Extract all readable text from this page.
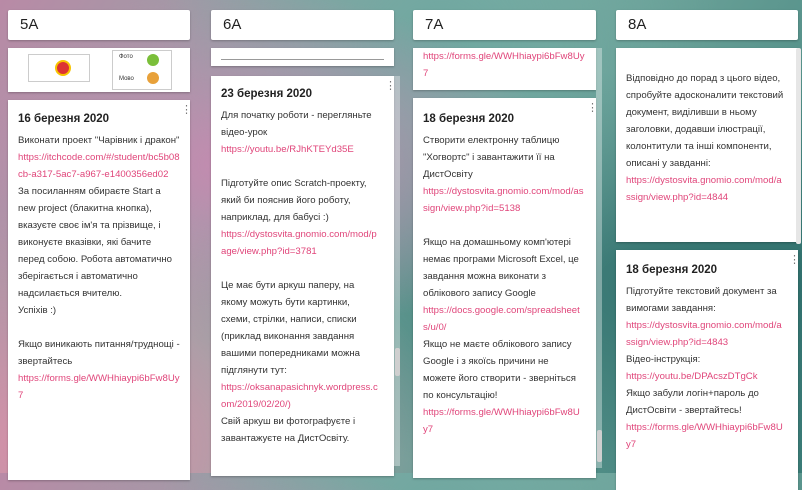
5A	6A	7A	8A
Фото
Мово
⋮
16 березня 2020
Виконати проект "Чарівник і дракон" https://itchcode.com/#/student/bc5b08cb-a317-5ac7-a967-e1400356ed02
За посиланням обираєте Start a new project (блакитна кнопка), вказуєте своє ім'я та прізвище, і виконуєте вказівки, які бачите перед собою. Робота автоматично зберігається і автоматично надсилається вчителю.
Успіхів :)
Якщо виникають питання/труднощі - звертайтесь
https://forms.gle/WWHhiaypi6bFw8Uy7
⋮
23 березня 2020
Для початку роботи - перегляньте відео-урок
https://youtu.be/RJhKTEYd35E
Підготуйте опис Scratch-проекту, який би пояснив його роботу, наприклад, для бабусі :)
https://dystosvita.gnomio.com/mod/page/view.php?id=3781
Це має бути аркуш паперу, на якому можуть бути картинки, схеми, стрілки, написи, списки (приклад виконання завдання вашими попередниками можна підглянути тут:
https://oksanapasichnyk.wordpress.com/2019/02/20/)
Свій аркуш ви фотографуєте і завантажуєте на ДистОсвіту.
https://forms.gle/WWHhiaypi6bFw8Uy7
⋮
18 березня 2020
Створити електронну таблицю "Хогвортс" і завантажити її на ДистОсвіту
https://dystosvita.gnomio.com/mod/assign/view.php?id=5138
Якщо на домашньому комп'ютері немає програми Microsoft Excel, це завдання можна виконати з облікового запису Google
https://docs.google.com/spreadsheets/u/0/
Якщо не маєте облікового запису Google і з якоїсь причини не можете його створити - зверніться по консультацію!
https://forms.gle/WWHhiaypi6bFw8Uy7
Відповідно до порад з цього відео, спробуйте адосконалити текстовий документ, виділивши в ньому заголовки, додавши ілюстрації, колонтитули та інші компоненти, описані у завданні:
https://dystosvita.gnomio.com/mod/assign/view.php?id=4844
⋮
18 березня 2020
Підготуйте текстовий документ за вимогами завдання:
https://dystosvita.gnomio.com/mod/assign/view.php?id=4843
Відео-інструкція:
https://youtu.be/DPAcszDTgCk
Якщо забули логін+пароль до ДистОсвіти - звертайтесь!
https://forms.gle/WWHhiaypi6bFw8Uy7
